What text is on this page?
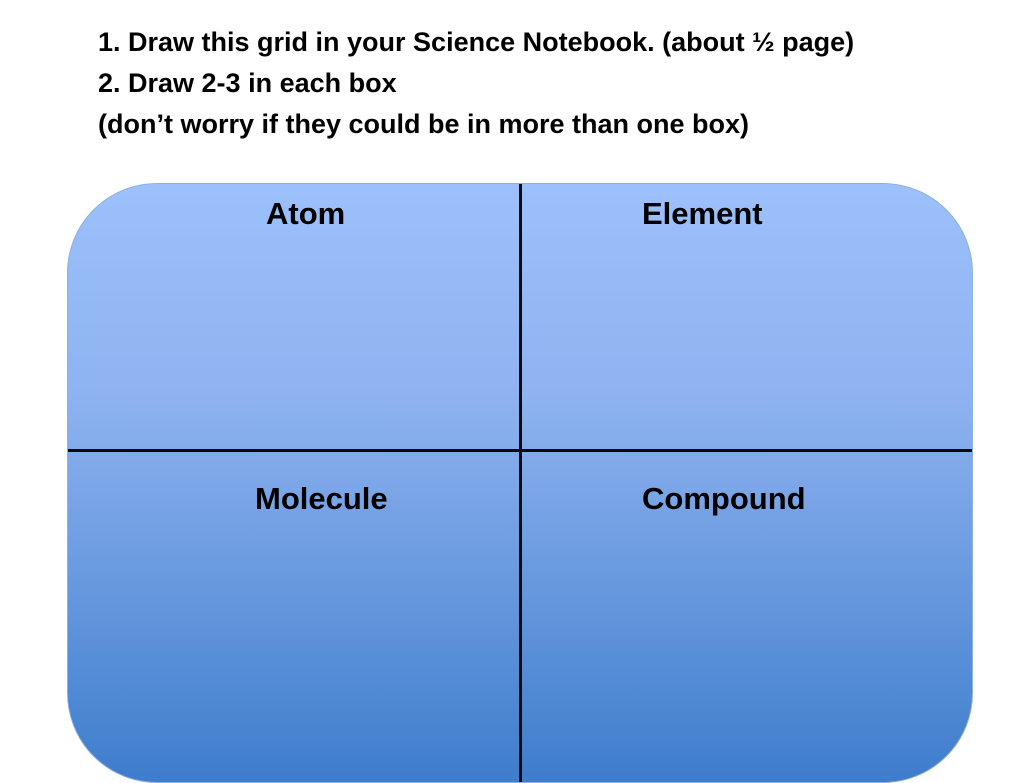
1. Draw this grid in your Science Notebook. (about ½ page)
2. Draw 2-3 in each box
(don’t worry if they could be in more than one box)

Atom	Element

Molecule	Compound
